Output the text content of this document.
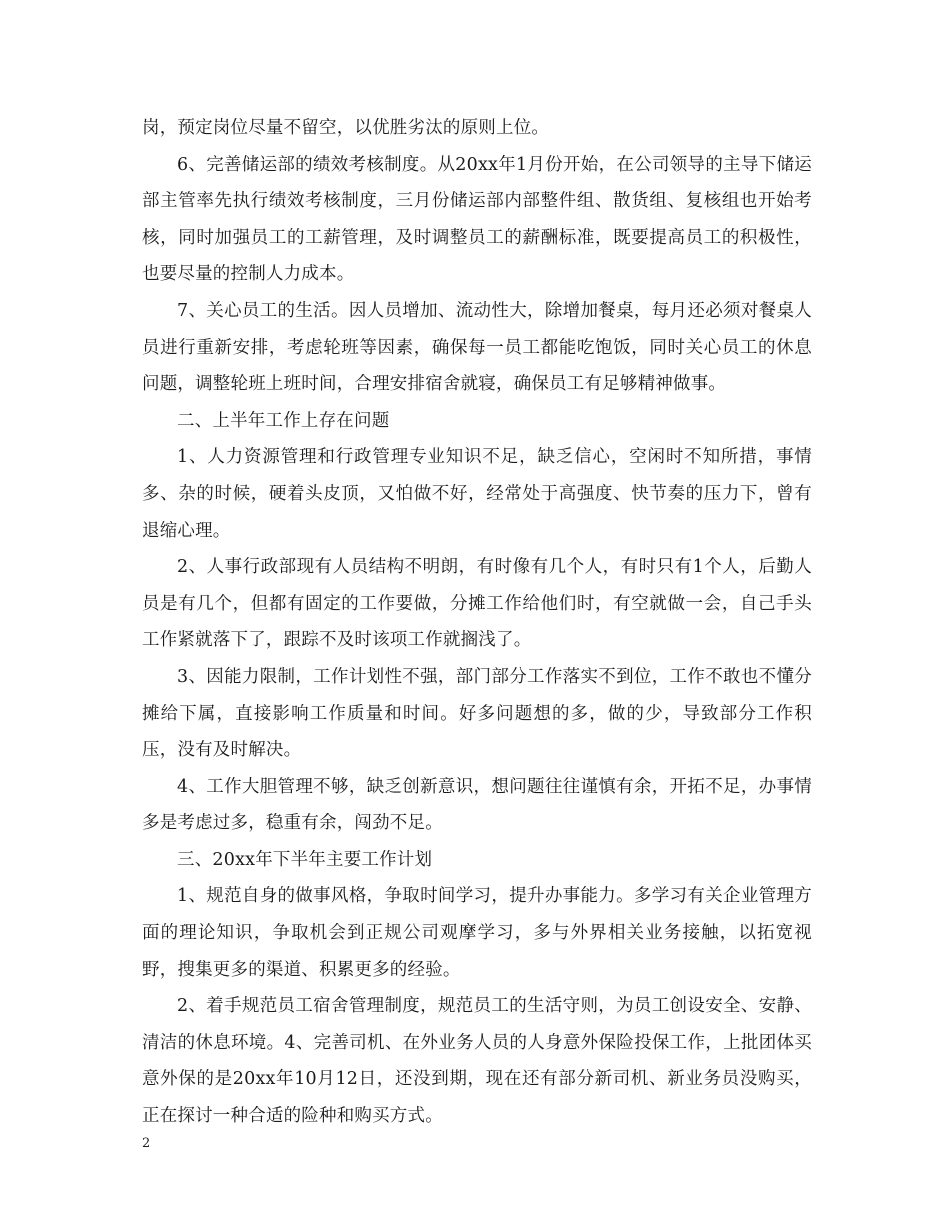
岗，预定岗位尽量不留空，以优胜劣汰的原则上位。

6、完善储运部的绩效考核制度。从20xx年1月份开始，在公司领导的主导下储运部主管率先执行绩效考核制度，三月份储运部内部整件组、散货组、复核组也开始考核，同时加强员工的工薪管理，及时调整员工的薪酬标准，既要提高员工的积极性，也要尽量的控制人力成本。

7、关心员工的生活。因人员增加、流动性大，除增加餐桌，每月还必须对餐桌人员进行重新安排，考虑轮班等因素，确保每一员工都能吃饱饭，同时关心员工的休息问题，调整轮班上班时间，合理安排宿舍就寝，确保员工有足够精神做事。

二、上半年工作上存在问题

1、人力资源管理和行政管理专业知识不足，缺乏信心，空闲时不知所措，事情多、杂的时候，硬着头皮顶，又怕做不好，经常处于高强度、快节奏的压力下，曾有退缩心理。

2、人事行政部现有人员结构不明朗，有时像有几个人，有时只有1个人，后勤人员是有几个，但都有固定的工作要做，分摊工作给他们时，有空就做一会，自己手头工作紧就落下了，跟踪不及时该项工作就搁浅了。

3、因能力限制，工作计划性不强，部门部分工作落实不到位，工作不敢也不懂分摊给下属，直接影响工作质量和时间。好多问题想的多，做的少，导致部分工作积压，没有及时解决。

4、工作大胆管理不够，缺乏创新意识，想问题往往谨慎有余，开拓不足，办事情多是考虑过多，稳重有余，闯劲不足。

三、20xx年下半年主要工作计划

1、规范自身的做事风格，争取时间学习，提升办事能力。多学习有关企业管理方面的理论知识，争取机会到正规公司观摩学习，多与外界相关业务接触，以拓宽视野，搜集更多的渠道、积累更多的经验。

2、着手规范员工宿舍管理制度，规范员工的生活守则，为员工创设安全、安静、清洁的休息环境。4、完善司机、在外业务人员的人身意外保险投保工作，上批团体买意外保的是20xx年10月12日，还没到期，现在还有部分新司机、新业务员没购买，正在探讨一种合适的险种和购买方式。

2
